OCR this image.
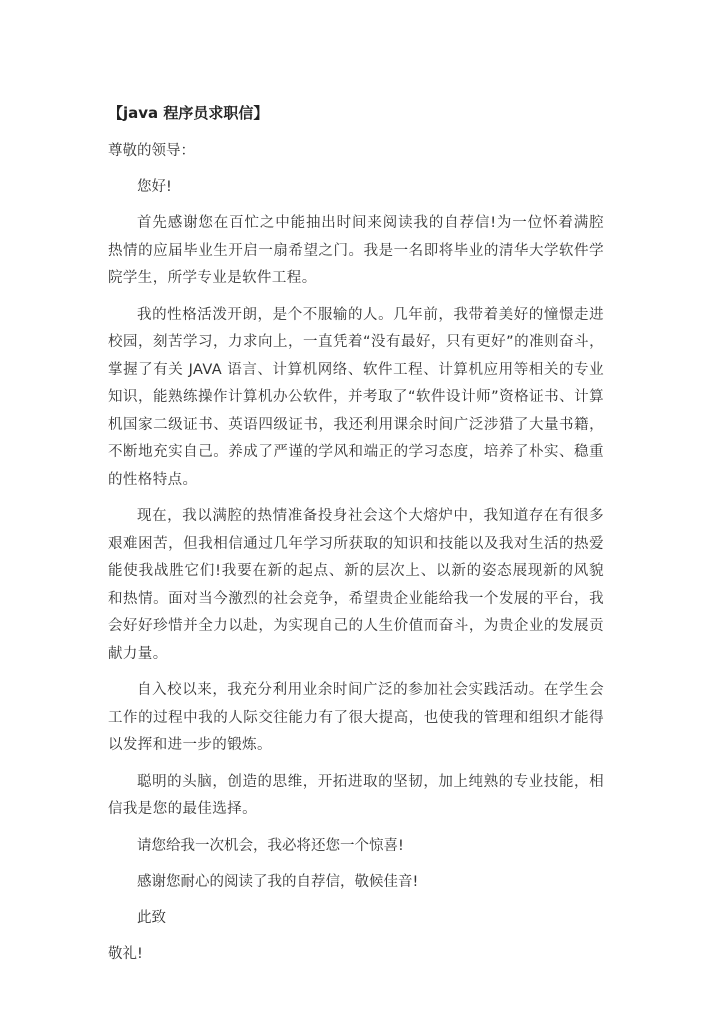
【java 程序员求职信】
尊敬的领导：

您好!

首先感谢您在百忙之中能抽出时间来阅读我的自荐信!为一位怀着满腔热情的应届毕业生开启一扇希望之门。我是一名即将毕业的清华大学软件学院学生，所学专业是软件工程。

我的性格活泼开朗，是个不服输的人。几年前，我带着美好的憧憬走进校园，刻苦学习，力求向上，一直凭着“没有最好，只有更好”的准则奋斗，掌握了有关 JAVA 语言、计算机网络、软件工程、计算机应用等相关的专业知识，能熟练操作计算机办公软件，并考取了“软件设计师”资格证书、计算机国家二级证书、英语四级证书，我还利用课余时间广泛涉猎了大量书籍，不断地充实自己。养成了严谨的学风和端正的学习态度，培养了朴实、稳重的性格特点。

现在，我以满腔的热情准备投身社会这个大熔炉中，我知道存在有很多艰难困苦，但我相信通过几年学习所获取的知识和技能以及我对生活的热爱能使我战胜它们!我要在新的起点、新的层次上、以新的姿态展现新的风貌和热情。面对当今激烈的社会竞争，希望贵企业能给我一个发展的平台，我会好好珍惜并全力以赴，为实现自己的人生价值而奋斗，为贵企业的发展贡献力量。

自入校以来，我充分利用业余时间广泛的参加社会实践活动。在学生会工作的过程中我的人际交往能力有了很大提高，也使我的管理和组织才能得以发挥和进一步的锻炼。

聪明的头脑，创造的思维，开拓进取的坚韧，加上纯熟的专业技能，相信我是您的最佳选择。

请您给我一次机会，我必将还您一个惊喜!

感谢您耐心的阅读了我的自荐信，敬候佳音!

此致

敬礼!
